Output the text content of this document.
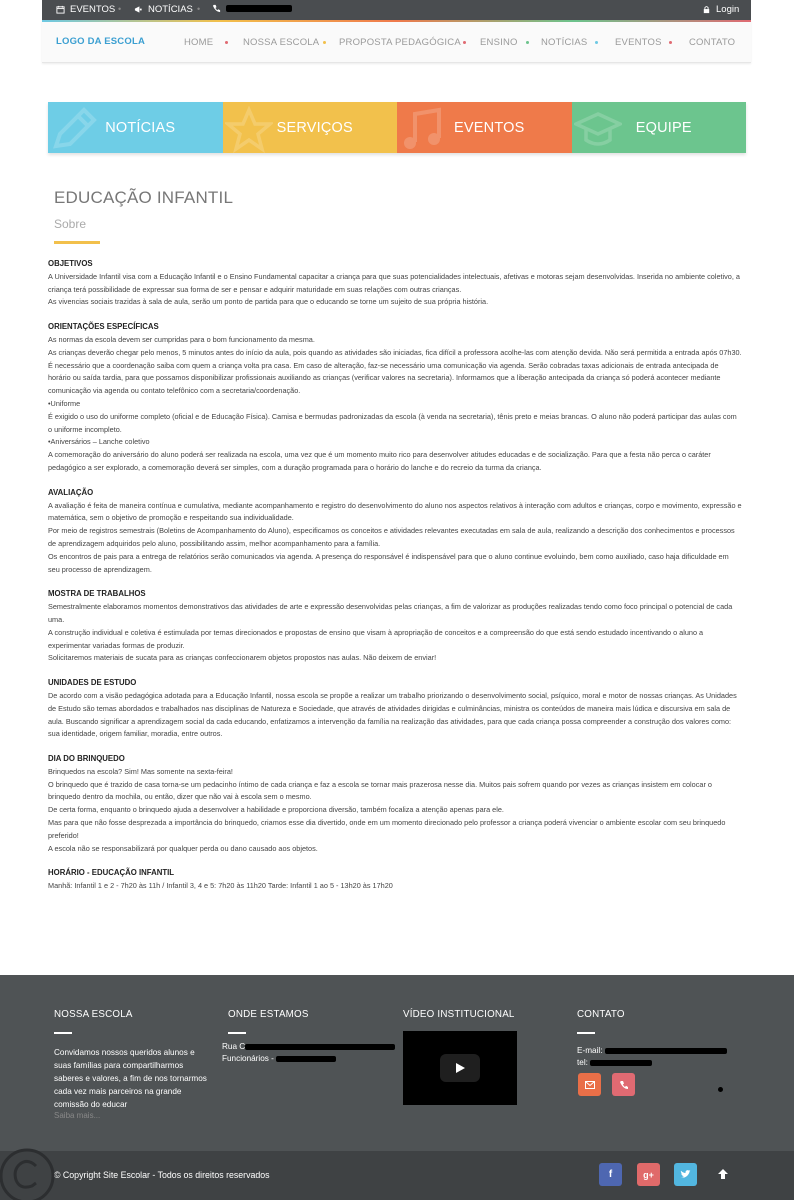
EVENTOS •	NOTÍCIAS •	Login
LOGO DA ESCOLA	HOME	NOSSA ESCOLA PROPOSTA PEDAGÓGICA ENSINO NOTÍCIAS	EVENTOS	CONTATO
NOTÍCIAS	SERVIÇOS	EVENTOS	EQUIPE
EDUCAÇÃO INFANTIL
Sobre
OBJETIVOS
A Universidade Infantil visa com a Educação Infantil e o Ensino Fundamental capacitar a criança para que suas potencialidades intelectuais, afetivas e motoras sejam desenvolvidas. Inserida no ambiente coletivo, a criança terá possibilidade de expressar sua forma de ser e pensar e adquirir maturidade em suas relações com outras crianças.
As vivencias sociais trazidas à sala de aula, serão um ponto de partida para que o educando se torne um sujeito de sua própria história.
ORIENTAÇÕES ESPECÍFICAS
As normas da escola devem ser cumpridas para o bom funcionamento da mesma.
As crianças deverão chegar pelo menos, 5 minutos antes do início da aula, pois quando as atividades são iniciadas, fica difícil a professora acolhe-las com atenção devida. Não será permitida a entrada após 07h30. É necessário que a coordenação saiba com quem a criança volta pra casa. Em caso de alteração, faz-se necessário uma comunicação via agenda. Serão cobradas taxas adicionais de entrada antecipada de horário ou saída tardia, para que possamos disponibilizar profissionais auxiliando as crianças (verificar valores na secretaria). Informamos que a liberação antecipada da criança só poderá acontecer mediante comunicação via agenda ou contato telefônico com a secretaria/coordenação.
•Uniforme
É exigido o uso do uniforme completo (oficial e de Educação Física). Camisa e bermudas padronizadas da escola (à venda na secretaria), tênis preto e meias brancas. O aluno não poderá participar das aulas com o uniforme incompleto.
•Aniversários – Lanche coletivo
A comemoração do aniversário do aluno poderá ser realizada na escola, uma vez que é um momento muito rico para desenvolver atitudes educadas e de socialização. Para que a festa não perca o caráter pedagógico a ser explorado, a comemoração deverá ser simples, com a duração programada para o horário do lanche e do recreio da turma da criança.
AVALIAÇÃO
A avaliação é feita de maneira contínua e cumulativa, mediante acompanhamento e registro do desenvolvimento do aluno nos aspectos relativos à interação com adultos e crianças, corpo e movimento, expressão e matemática, sem o objetivo de promoção e respeitando sua individualidade.
Por meio de registros semestrais (Boletins de Acompanhamento do Aluno), especificamos os conceitos e atividades relevantes executadas em sala de aula, realizando a descrição dos conhecimentos e processos de aprendizagem adquiridos pelo aluno, possibilitando assim, melhor acompanhamento para a família.
Os encontros de pais para a entrega de relatórios serão comunicados via agenda. A presença do responsável é indispensável para que o aluno continue evoluindo, bem como auxiliado, caso haja dificuldade em seu processo de aprendizagem.
MOSTRA DE TRABALHOS
Semestralmente elaboramos momentos demonstrativos das atividades de arte e expressão desenvolvidas pelas crianças, a fim de valorizar as produções realizadas tendo como foco principal o potencial de cada uma.
A construção individual e coletiva é estimulada por temas direcionados e propostas de ensino que visam à apropriação de conceitos e a compreensão do que está sendo estudado incentivando o aluno a experimentar variadas formas de produzir.
Solicitaremos materiais de sucata para as crianças confeccionarem objetos propostos nas aulas. Não deixem de enviar!
UNIDADES DE ESTUDO
De acordo com a visão pedagógica adotada para a Educação Infantil, nossa escola se propõe a realizar um trabalho priorizando o desenvolvimento social, psíquico, moral e motor de nossas crianças. As Unidades de Estudo são temas abordados e trabalhados nas disciplinas de Natureza e Sociedade, que através de atividades dirigidas e culminâncias, ministra os conteúdos de maneira mais lúdica e discursiva em sala de aula. Buscando significar a aprendizagem social da cada educando, enfatizamos a intervenção da família na realização das atividades, para que cada criança possa compreender a construção dos valores como: sua identidade, origem familiar, moradia, entre outros.
DIA DO BRINQUEDO
Brinquedos na escola? Sim! Mas somente na sexta-feira!
O brinquedo que é trazido de casa torna-se um pedacinho íntimo de cada criança e faz a escola se tornar mais prazerosa nesse dia. Muitos pais sofrem quando por vezes as crianças insistem em colocar o brinquedo dentro da mochila, ou então, dizer que não vai à escola sem o mesmo.
De certa forma, enquanto o brinquedo ajuda a desenvolver a habilidade e proporciona diversão, também focaliza a atenção apenas para ele.
Mas para que não fosse desprezada a importância do brinquedo, criamos esse dia divertido, onde em um momento direcionado pelo professor a criança poderá vivenciar o ambiente escolar com seu brinquedo preferido!
A escola não se responsabilizará por qualquer perda ou dano causado aos objetos.
HORÁRIO - EDUCAÇÃO INFANTIL
Manhã: Infantil 1 e 2 - 7h20 às 11h / Infantil 3, 4 e 5: 7h20 às 11h20 Tarde: Infantil 1 ao 5 - 13h20 às 17h20
NOSSA ESCOLA
Convidamos nossos queridos alunos e suas famílias para compartilharmos saberes e valores, a fim de nos tornarmos cada vez mais parceiros na grande comissão do educar
Saiba mais...
ONDE ESTAMOS	VÍDEO INSTITUCIONAL	CONTATO
Rua C
Funcionários -
E-mail:
tel:
© Copyright Site Escolar - Todos os direitos reservados	f	g+
